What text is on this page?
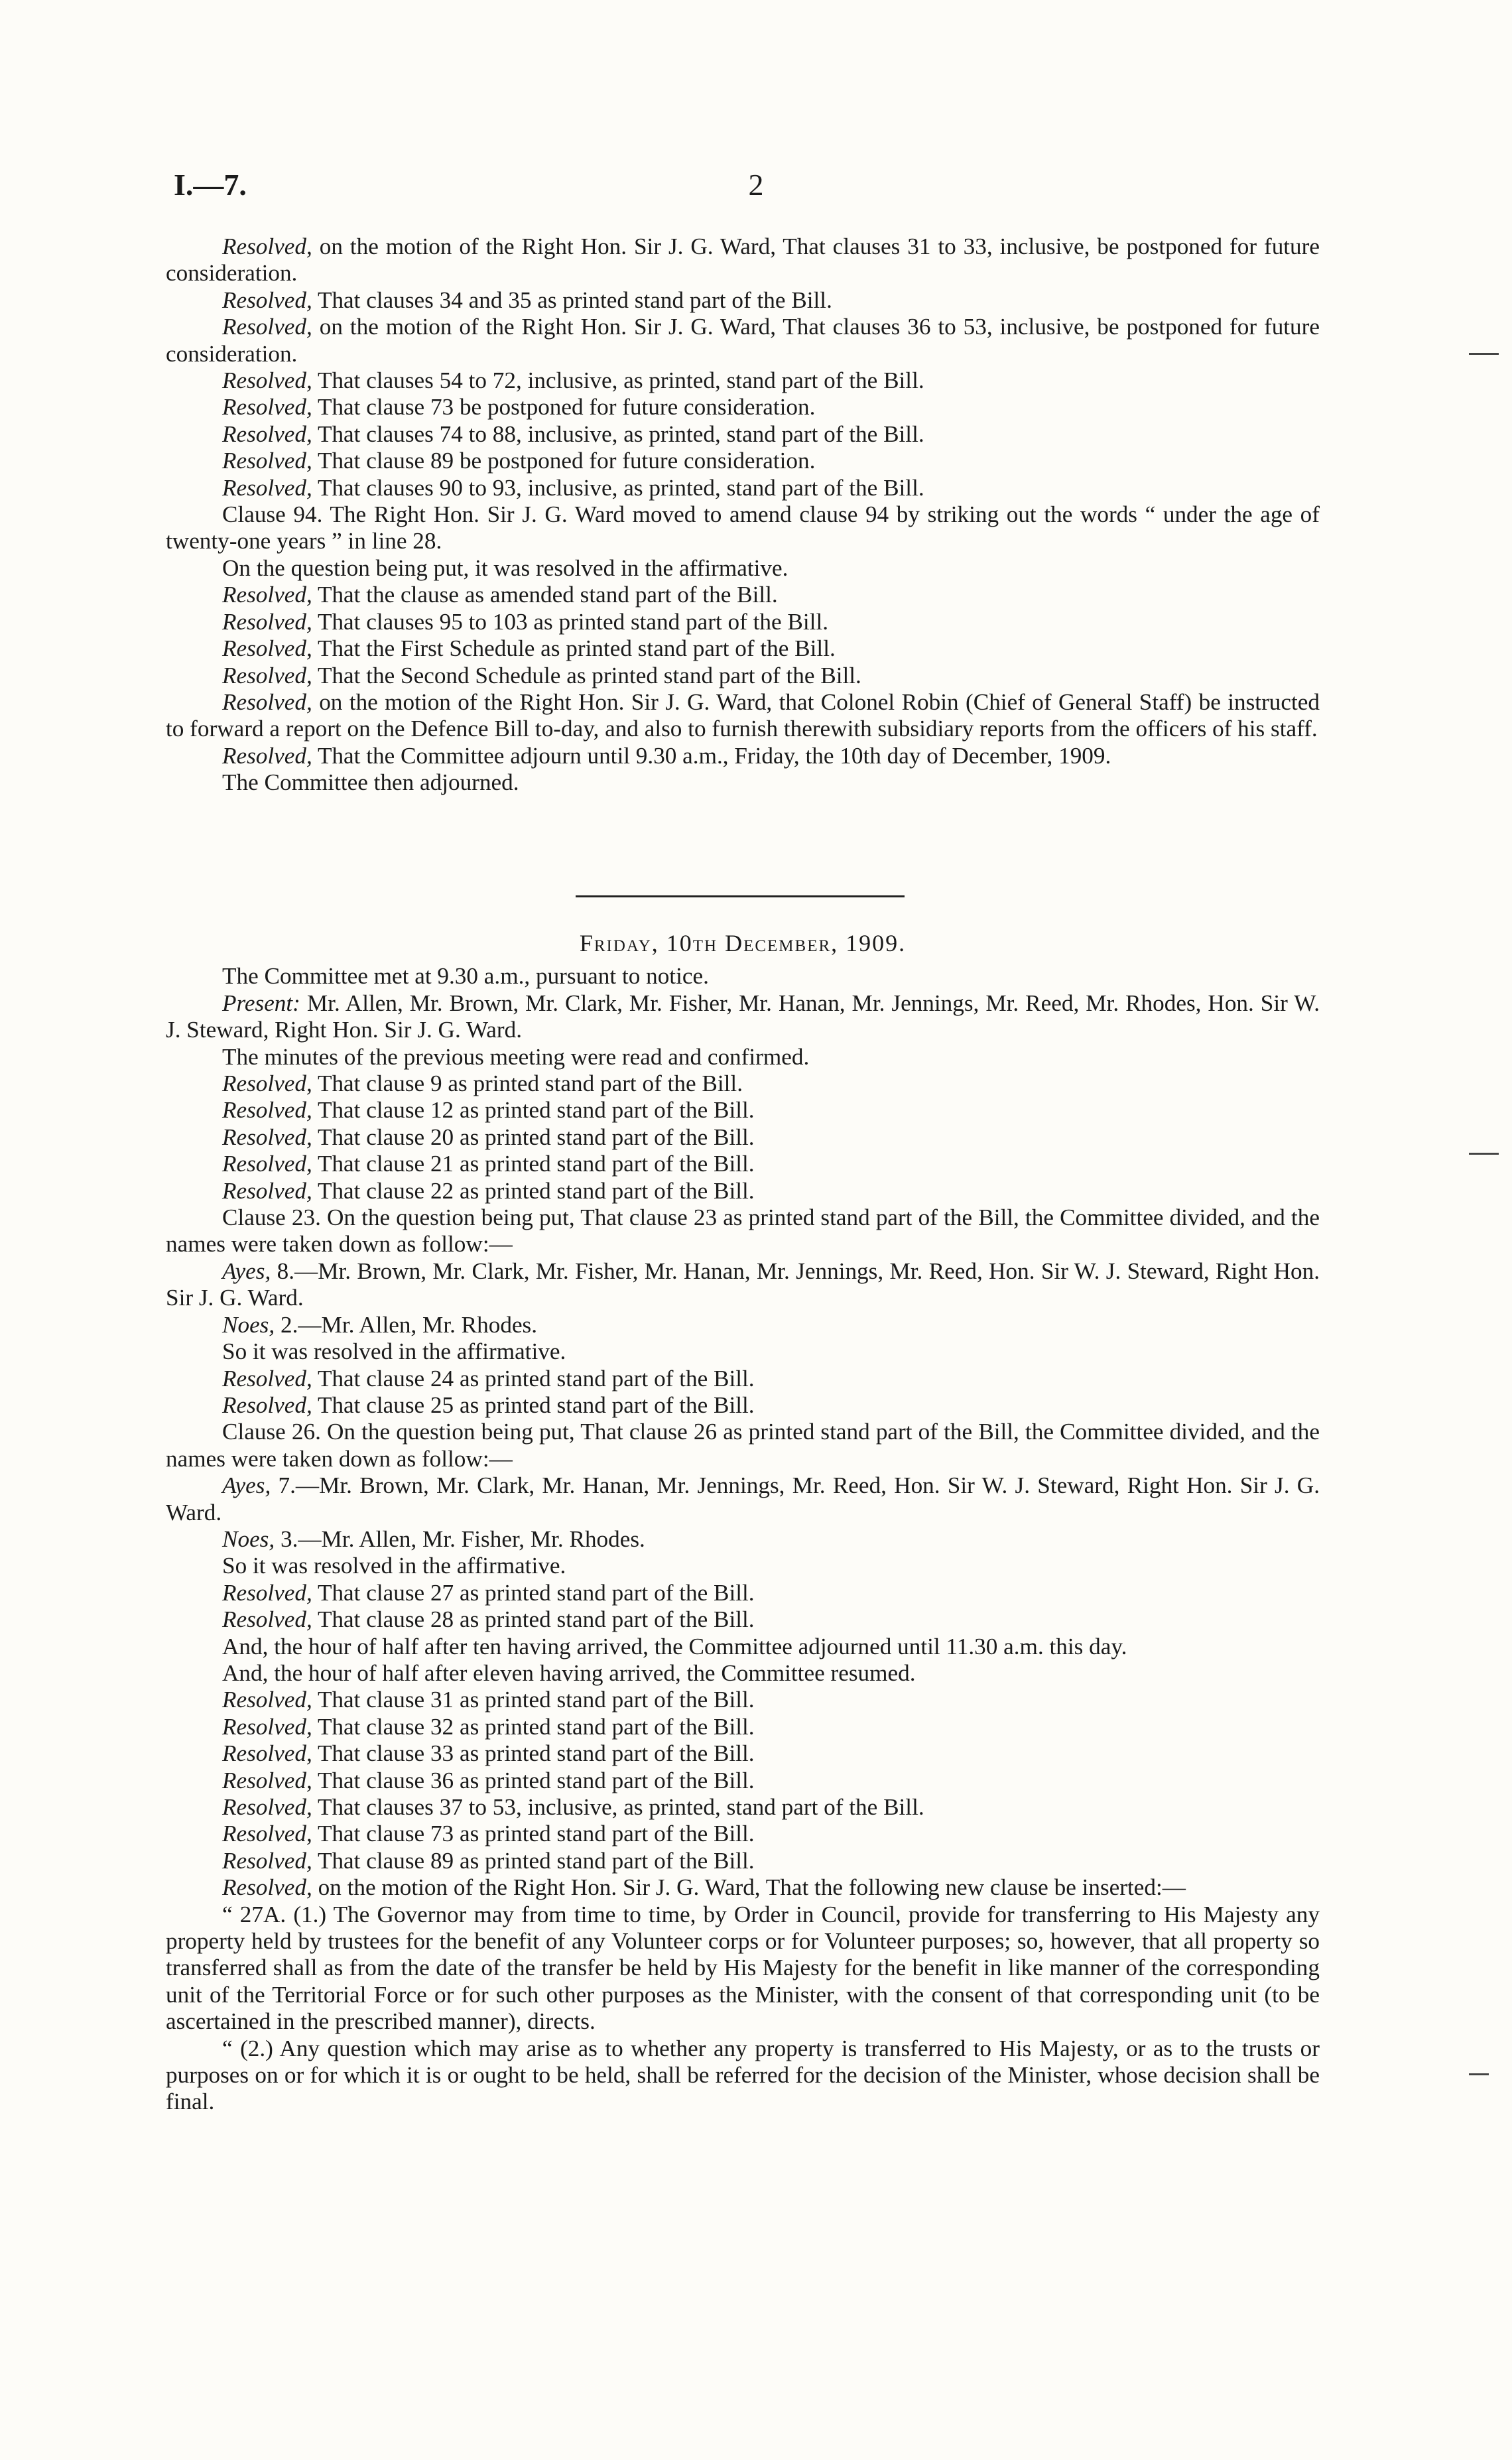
I.—7.	2

Resolved, on the motion of the Right Hon. Sir J. G. Ward, That clauses 31 to 33, inclusive, be postponed for future consideration.

Resolved, That clauses 34 and 35 as printed stand part of the Bill.

Resolved, on the motion of the Right Hon. Sir J. G. Ward, That clauses 36 to 53, inclusive, be postponed for future consideration.

Resolved, That clauses 54 to 72, inclusive, as printed, stand part of the Bill.

Resolved, That clause 73 be postponed for future consideration.

Resolved, That clauses 74 to 88, inclusive, as printed, stand part of the Bill.

Resolved, That clause 89 be postponed for future consideration.

Resolved, That clauses 90 to 93, inclusive, as printed, stand part of the Bill.

Clause 94. The Right Hon. Sir J. G. Ward moved to amend clause 94 by striking out the words “ under the age of twenty-one years ” in line 28.

On the question being put, it was resolved in the affirmative.

Resolved, That the clause as amended stand part of the Bill.

Resolved, That clauses 95 to 103 as printed stand part of the Bill.

Resolved, That the First Schedule as printed stand part of the Bill.

Resolved, That the Second Schedule as printed stand part of the Bill.

Resolved, on the motion of the Right Hon. Sir J. G. Ward, that Colonel Robin (Chief of General Staff) be instructed to forward a report on the Defence Bill to-day, and also to furnish therewith subsidiary reports from the officers of his staff.

Resolved, That the Committee adjourn until 9.30 a.m., Friday, the 10th day of December, 1909.

The Committee then adjourned.

Friday, 10th December, 1909.

The Committee met at 9.30 a.m., pursuant to notice.

Present: Mr. Allen, Mr. Brown, Mr. Clark, Mr. Fisher, Mr. Hanan, Mr. Jennings, Mr. Reed, Mr. Rhodes, Hon. Sir W. J. Steward, Right Hon. Sir J. G. Ward.

The minutes of the previous meeting were read and confirmed.

Resolved, That clause 9 as printed stand part of the Bill.

Resolved, That clause 12 as printed stand part of the Bill.

Resolved, That clause 20 as printed stand part of the Bill.

Resolved, That clause 21 as printed stand part of the Bill.

Resolved, That clause 22 as printed stand part of the Bill.

Clause 23. On the question being put, That clause 23 as printed stand part of the Bill, the Committee divided, and the names were taken down as follow:—

Ayes, 8.—Mr. Brown, Mr. Clark, Mr. Fisher, Mr. Hanan, Mr. Jennings, Mr. Reed, Hon. Sir W. J. Steward, Right Hon. Sir J. G. Ward.

Noes, 2.—Mr. Allen, Mr. Rhodes.

So it was resolved in the affirmative.

Resolved, That clause 24 as printed stand part of the Bill.

Resolved, That clause 25 as printed stand part of the Bill.

Clause 26. On the question being put, That clause 26 as printed stand part of the Bill, the Committee divided, and the names were taken down as follow:—

Ayes, 7.—Mr. Brown, Mr. Clark, Mr. Hanan, Mr. Jennings, Mr. Reed, Hon. Sir W. J. Steward, Right Hon. Sir J. G. Ward.

Noes, 3.—Mr. Allen, Mr. Fisher, Mr. Rhodes.

So it was resolved in the affirmative.

Resolved, That clause 27 as printed stand part of the Bill.

Resolved, That clause 28 as printed stand part of the Bill.

And, the hour of half after ten having arrived, the Committee adjourned until 11.30 a.m. this day.

And, the hour of half after eleven having arrived, the Committee resumed.

Resolved, That clause 31 as printed stand part of the Bill.

Resolved, That clause 32 as printed stand part of the Bill.

Resolved, That clause 33 as printed stand part of the Bill.

Resolved, That clause 36 as printed stand part of the Bill.

Resolved, That clauses 37 to 53, inclusive, as printed, stand part of the Bill.

Resolved, That clause 73 as printed stand part of the Bill.

Resolved, That clause 89 as printed stand part of the Bill.

Resolved, on the motion of the Right Hon. Sir J. G. Ward, That the following new clause be inserted:—

“ 27A. (1.) The Governor may from time to time, by Order in Council, provide for transferring to His Majesty any property held by trustees for the benefit of any Volunteer corps or for Volunteer purposes; so, however, that all property so transferred shall as from the date of the transfer be held by His Majesty for the benefit in like manner of the corresponding unit of the Territorial Force or for such other purposes as the Minister, with the consent of that corresponding unit (to be ascertained in the prescribed manner), directs.

“ (2.) Any question which may arise as to whether any property is transferred to His Majesty, or as to the trusts or purposes on or for which it is or ought to be held, shall be referred for the decision of the Minister, whose decision shall be final.
